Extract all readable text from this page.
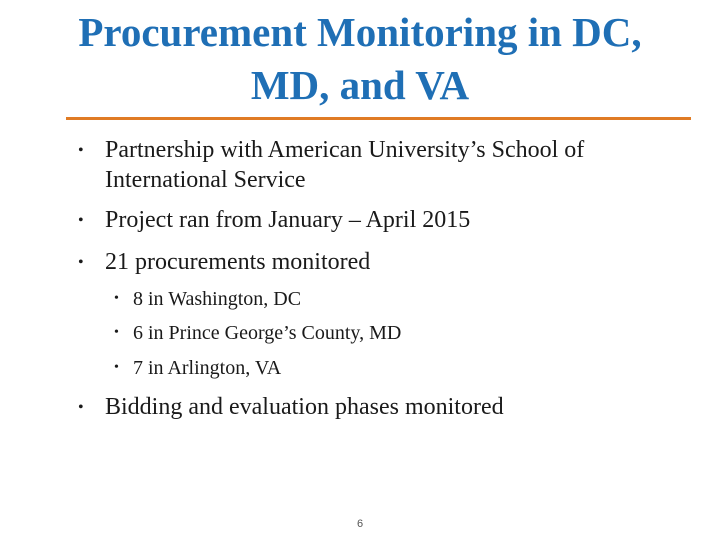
Procurement Monitoring in DC,
MD, and VA
• Partnership with American University’s School of International Service
• Project ran from January – April 2015
• 21 procurements monitored
• 8 in Washington, DC
• 6 in Prince George’s County, MD
• 7 in Arlington, VA
• Bidding and evaluation phases monitored
6
